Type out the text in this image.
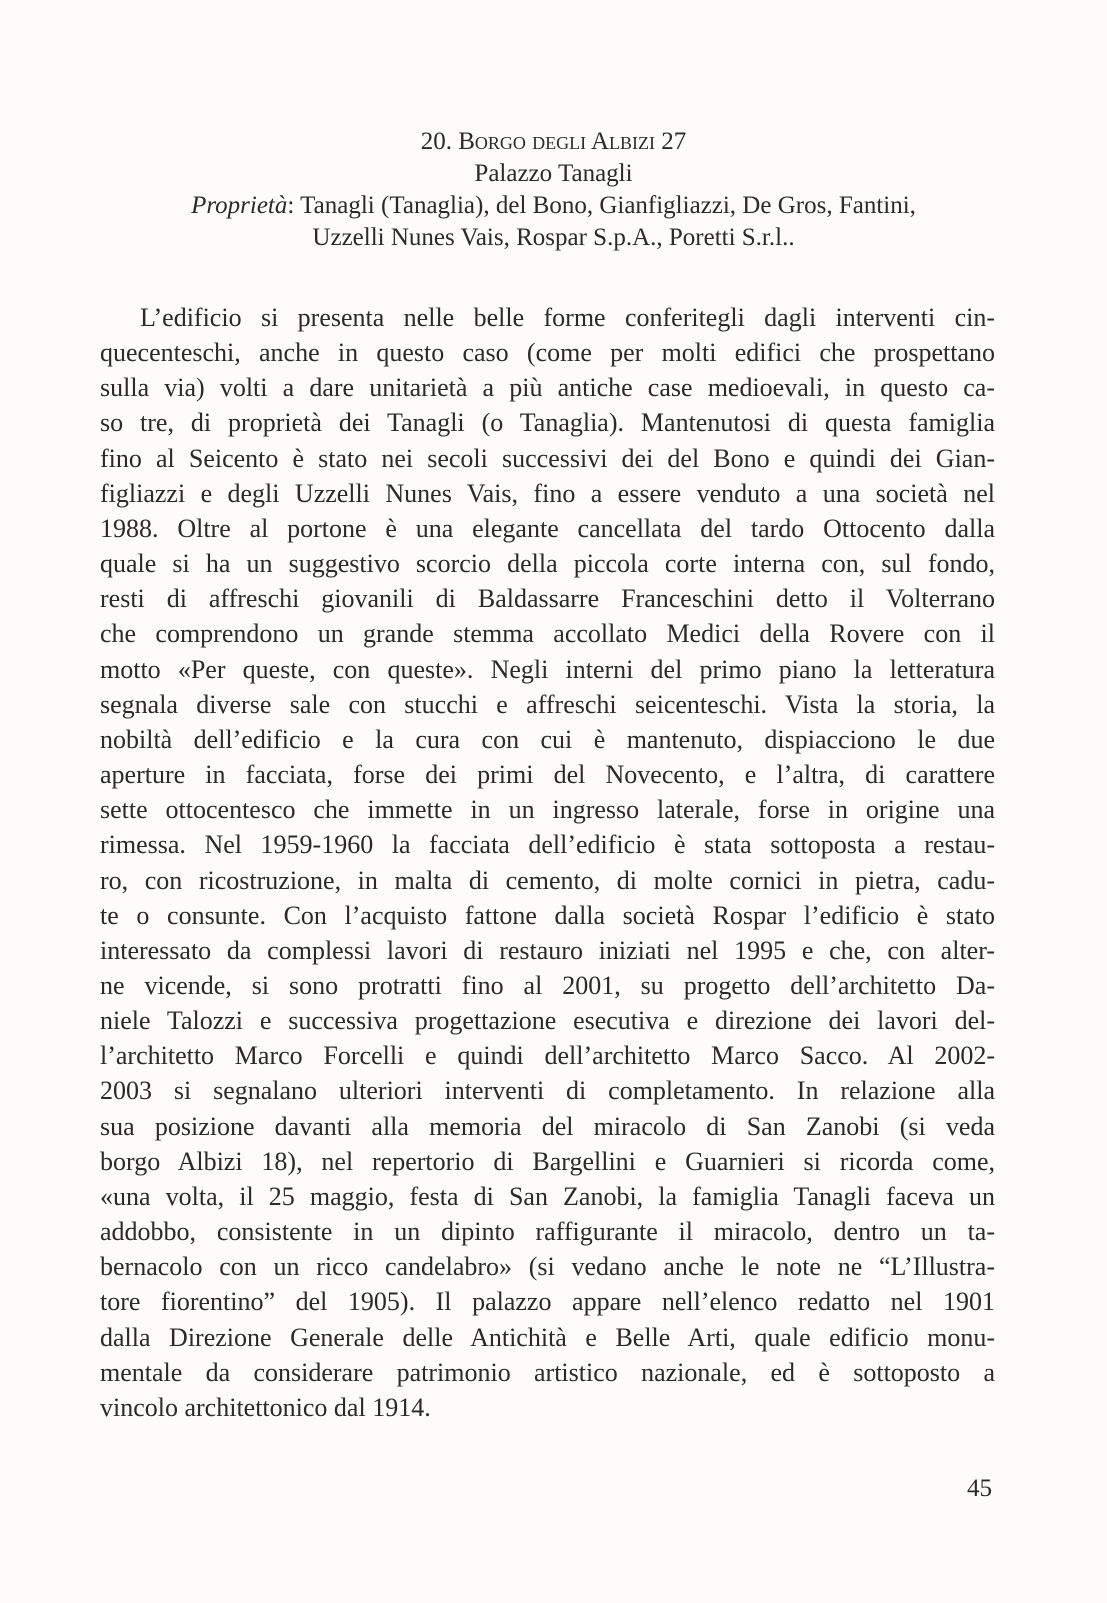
20. Borgo degli Albizi 27
Palazzo Tanagli
Proprietà: Tanagli (Tanaglia), del Bono, Gianfigliazzi, De Gros, Fantini,
Uzzelli Nunes Vais, Rospar S.p.A., Poretti S.r.l..
L’edificio si presenta nelle belle forme conferitegli dagli interventi cin-
quecenteschi, anche in questo caso (come per molti edifici che prospettano
sulla via) volti a dare unitarietà a più antiche case medioevali, in questo ca-
so tre, di proprietà dei Tanagli (o Tanaglia). Mantenutosi di questa famiglia
fino al Seicento è stato nei secoli successivi dei del Bono e quindi dei Gian-
figliazzi e degli Uzzelli Nunes Vais, fino a essere venduto a una società nel
1988. Oltre al portone è una elegante cancellata del tardo Ottocento dalla
quale si ha un suggestivo scorcio della piccola corte interna con, sul fondo,
resti di affreschi giovanili di Baldassarre Franceschini detto il Volterrano
che comprendono un grande stemma accollato Medici della Rovere con il
motto «Per queste, con queste». Negli interni del primo piano la letteratura
segnala diverse sale con stucchi e affreschi seicenteschi. Vista la storia, la
nobiltà dell’edificio e la cura con cui è mantenuto, dispiacciono le due
aperture in facciata, forse dei primi del Novecento, e l’altra, di carattere
sette ottocentesco che immette in un ingresso laterale, forse in origine una
rimessa. Nel 1959-1960 la facciata dell’edificio è stata sottoposta a restau-
ro, con ricostruzione, in malta di cemento, di molte cornici in pietra, cadu-
te o consunte. Con l’acquisto fattone dalla società Rospar l’edificio è stato
interessato da complessi lavori di restauro iniziati nel 1995 e che, con alter-
ne vicende, si sono protratti fino al 2001, su progetto dell’architetto Da-
niele Talozzi e successiva progettazione esecutiva e direzione dei lavori del-
l’architetto Marco Forcelli e quindi dell’architetto Marco Sacco. Al 2002-
2003 si segnalano ulteriori interventi di completamento. In relazione alla
sua posizione davanti alla memoria del miracolo di San Zanobi (si veda
borgo Albizi 18), nel repertorio di Bargellini e Guarnieri si ricorda come,
«una volta, il 25 maggio, festa di San Zanobi, la famiglia Tanagli faceva un
addobbo, consistente in un dipinto raffigurante il miracolo, dentro un ta-
bernacolo con un ricco candelabro» (si vedano anche le note ne “L’Illustra-
tore fiorentino” del 1905). Il palazzo appare nell’elenco redatto nel 1901
dalla Direzione Generale delle Antichità e Belle Arti, quale edificio monu-
mentale da considerare patrimonio artistico nazionale, ed è sottoposto a
vincolo architettonico dal 1914.
45
